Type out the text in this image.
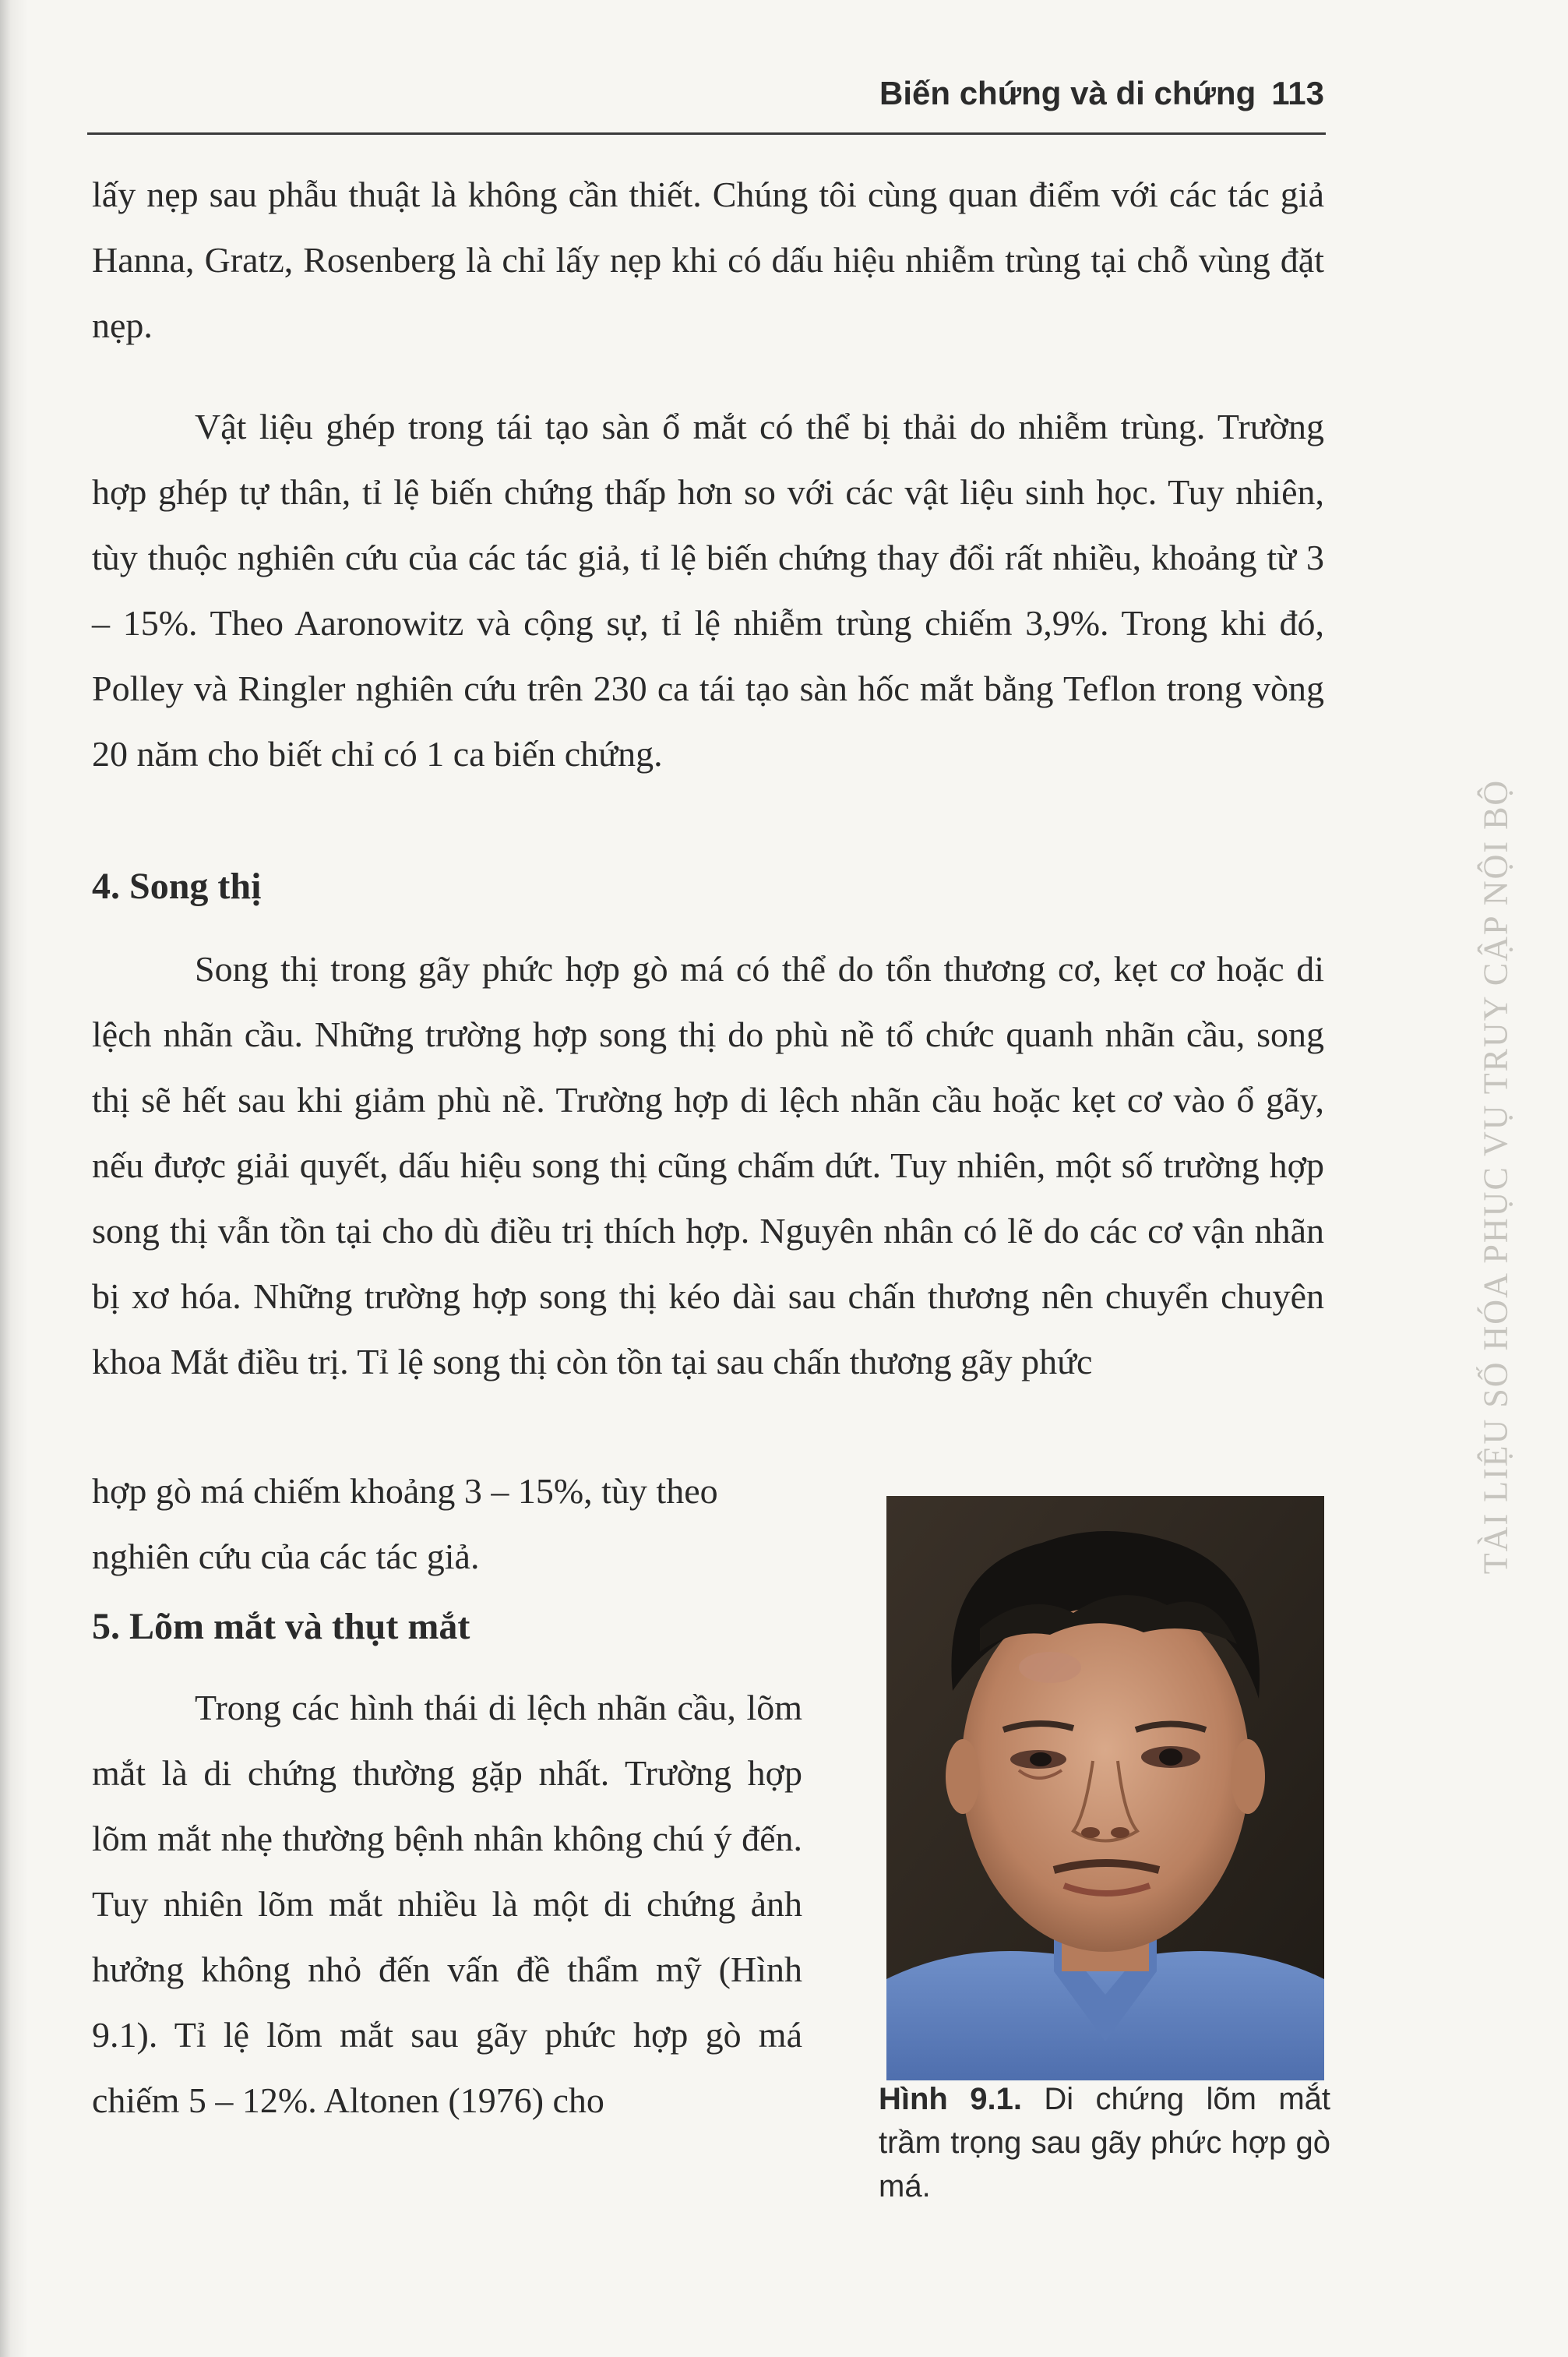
Biến chứng và di chứng 113
lấy nẹp sau phẫu thuật là không cần thiết. Chúng tôi cùng quan điểm với các tác giả Hanna, Gratz, Rosenberg là chỉ lấy nẹp khi có dấu hiệu nhiễm trùng tại chỗ vùng đặt nẹp.
Vật liệu ghép trong tái tạo sàn ổ mắt có thể bị thải do nhiễm trùng. Trường hợp ghép tự thân, tỉ lệ biến chứng thấp hơn so với các vật liệu sinh học. Tuy nhiên, tùy thuộc nghiên cứu của các tác giả, tỉ lệ biến chứng thay đổi rất nhiều, khoảng từ 3 – 15%. Theo Aaronowitz và cộng sự, tỉ lệ nhiễm trùng chiếm 3,9%. Trong khi đó, Polley và Ringler nghiên cứu trên 230 ca tái tạo sàn hốc mắt bằng Teflon trong vòng 20 năm cho biết chỉ có 1 ca biến chứng.
4. Song thị
Song thị trong gãy phức hợp gò má có thể do tổn thương cơ, kẹt cơ hoặc di lệch nhãn cầu. Những trường hợp song thị do phù nề tổ chức quanh nhãn cầu, song thị sẽ hết sau khi giảm phù nề. Trường hợp di lệch nhãn cầu hoặc kẹt cơ vào ổ gãy, nếu được giải quyết, dấu hiệu song thị cũng chấm dứt. Tuy nhiên, một số trường hợp song thị vẫn tồn tại cho dù điều trị thích hợp. Nguyên nhân có lẽ do các cơ vận nhãn bị xơ hóa. Những trường hợp song thị kéo dài sau chấn thương nên chuyển chuyên khoa Mắt điều trị. Tỉ lệ song thị còn tồn tại sau chấn thương gãy phức
hợp gò má chiếm khoảng 3 – 15%, tùy theo nghiên cứu của các tác giả.
5. Lõm mắt và thụt mắt
Trong các hình thái di lệch nhãn cầu, lõm mắt là di chứng thường gặp nhất. Trường hợp lõm mắt nhẹ thường bệnh nhân không chú ý đến. Tuy nhiên lõm mắt nhiều là một di chứng ảnh hưởng không nhỏ đến vấn đề thẩm mỹ (Hình 9.1). Tỉ lệ lõm mắt sau gãy phức hợp gò má chiếm 5 – 12%. Altonen (1976) cho	Hình 9.1. Di chứng lõm mắt trầm trọng sau gãy phức hợp gò má.
TÀI LIỆU SỐ HÓA PHỤC VỤ TRUY CẬP NỘI BỘ
